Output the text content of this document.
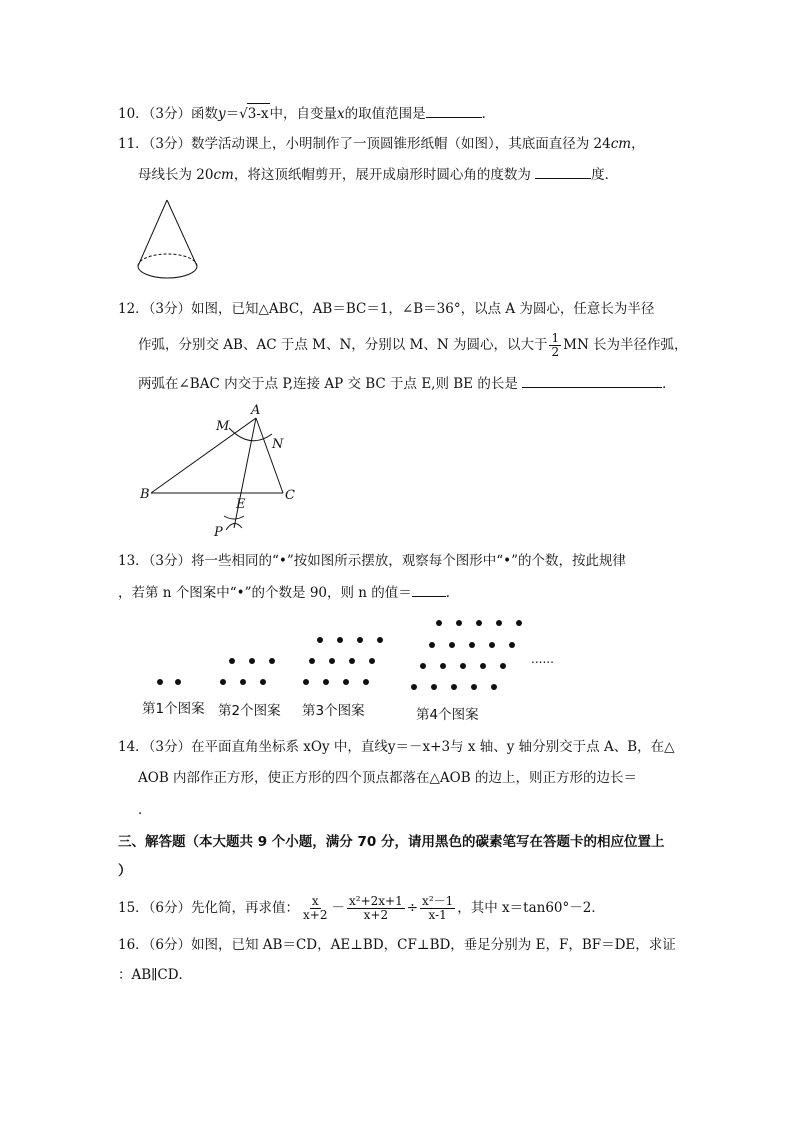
10．（3分）函数y＝√3-x中，自变量x的取值范围是	．
11．（3分）数学活动课上，小明制作了一顶圆锥形纸帽（如图），其底面直径为 24cm，
母线长为 20cm，将这顶纸帽剪开，展开成扇形时圆心角的度数为	度．
12．（3分）如图，已知△ABC，AB＝BC＝1，∠B＝36°，以点 A 为圆心，任意长为半径
作弧，分别交 AB、AC 于点 M、N，分别以 M、N 为圆心，以大于 $\frac{1}{2}$ MN 长为半径作弧，
两弧在∠BAC 内交于点 P,连接 AP 交 BC 于点 E,则 BE 的长是	．
A
M
N
B
E
C
P
13．（3分）将一些相同的“•”按如图所示摆放，观察每个图形中“•”的个数，按此规律
，若第 n 个图案中“•”的个数是 90，则 n 的值＝	．
......
第1个图案 第2个图案 第3个图案	第4个图案
14．（3分）在平面直角坐标系 xOy 中，直线y＝－x+3与 x 轴、y 轴分别交于点 A、B，在△
AOB 内部作正方形，使正方形的四个顶点都落在△AOB 的边上，则正方形的边长＝
．
三、解答题（本大题共 9 个小题，满分 70 分，请用黑色的碳素笔写在答题卡的相应位置上
）
15．（6分）先化简，再求值： $\frac{x}{x+2} - \frac{\text{x²+2x+1}}{x+2} \div \frac{\text{x²－1}}{x-1}$ ，其中 x＝tan60°－2．
16．（6分）如图，已知 AB＝CD，AE⊥BD，CF⊥BD，垂足分别为 E，F，BF＝DE，求证
：AB∥CD．
